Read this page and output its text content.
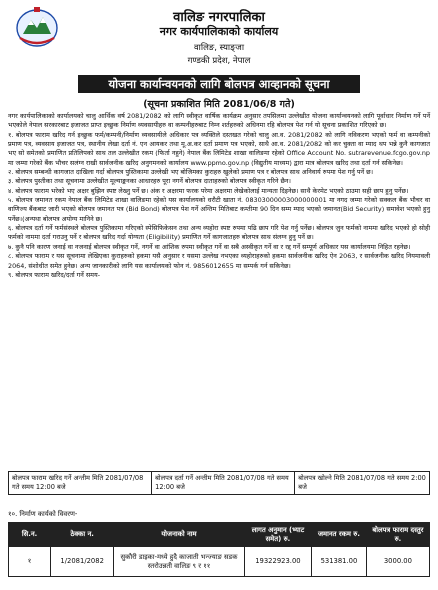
वालिङ नगरपालिका
नगर कार्यपालिकाको कार्यालय
वालिङ, स्याङ्जा
गण्डकी प्रदेश, नेपाल
योजना कार्यान्वयनको लागि बोलपत्र आव्हानको सूचना
(सूचना प्रकाशित मिति 2081/06/8 गते)

नगर कार्यपालिकाको कार्यालयको चालु आर्थिक वर्ष 2081/2082 को लागि स्वीकृत वार्षिक कार्यक्रम अनुसार तपसिलमा उल्लेखीत योजना कार्यान्वयनको लागि पूर्वाधार निर्माण गर्ने पर्ने भएकोले नेपाल सरकारबाट इजाजत प्राप्त इच्छुक निर्माण व्यवसायीहरु वा कम्पनीहरुबाट निम्न शर्तहरुको अधिनमा रहि बोलपत्र पेश गर्न यो सूचना प्रकाशित गरिएको छ।

१. बोलपत्र फाराम खरिद गर्न इच्छुक फर्म/कम्पनी/निर्माण व्यवसायीले अधिकार पत्र व्यक्तिले दस्तखत गरेको चालु आ.व. 2081/2082 को लागि नविकरण भएको फर्म वा कम्पनीको प्रमाण पत्र, व्यवसाय इजाजत पत्र, स्थानीय लेखा दर्ता नं. एन आयकर तथा मू.अ.कर दर्ता प्रमाण पत्र भएको, साथै आ.व. 2081/2082 को कर चुक्ता वा म्याद थप भन्ने कुनै कागजात भए सो समेतको प्रमाणित प्रतिलिपको साथ तल उल्लेखीत रकम (फिर्ता नहुने) नेपाल बैंक लिमिटेड शाखा वालिङमा रहेको Office Account No. sutrarevenue.fcgo.gov.np मा जम्मा गरेको बैंक भौचर सलंग्न राखी सार्वजनीक खरिद अनुगमनको कार्यालय www.ppmo.gov.np (विद्युतीय माध्यम) द्वारा मात्र बोलपत्र खरिद तथा दर्ता गर्न सकिनेछ।

२. बोलपत्र सम्बन्धी कागजात दाखिला गर्दा बोलपत्र पुस्तिकामा उल्लेखी भए बोजिमका कुराहरु खुलेको प्रमाण पत्र र बोलपत्र साथ अनिवार्य रुपमा पेश गर्नु पर्ने छ।

३. बोलपत्र पुस्तीका तथा सूचनामा उल्लेखीत मूल्याङ्कनका आधारहरु पूरा नगर्ने बोलपत्र दाताहरुको बोलपत्र स्वीकृत गरिने छैन।

४. बोलपत्र फाराम भरेको भए अक्षर बुझिन स्पष्ट लेख्नु पर्ने छ। अंक र अक्षरमा फरक परेमा अक्षरमा लेखेकोलाई मान्यता दिइनेछ। साथै केरमेट भएको ठाउमा सही छाप हुनु पर्नेछ।

५. बोलपत्र जमानत रकम नेपाल बैंक लिमिटेड शाखा वालिङमा रहेको यस कार्यालयको धरौटी खाता नं. 08303000003000000001 मा नगद जम्मा गरेको सक्कल बैंक भौचर वा वाणिज्य बैंकबाट जारी भएको बोलपत्र जमानत पत्र (Bid Bond) बोलपत्र पेश गर्ने अन्तिम मितिबाट कम्तीमा 90 दिन सम्म म्याद भएको जमानत(Bid Security) समावेश भएको हुनु पर्नेछ।(अन्यथा बोलपत्र अयोग्य मानिने छ।

६. बोलपत्र दर्ता गर्ने फर्मसंस्थले बोलपत्र पुस्तिकामा गरिएको स्पेसिफिकेसन तथा अन्य व्यहोरा स्पष्ट रुपमा पढि छाप गरि पेश गर्नु पर्नेछ। बोलपत्र जुन फर्मको नाममा खरिद भएको हो सोही फर्मको नाममा दर्ता गराउनु पर्ने र बोलपत्र खरिद गर्दा योग्यता (Eligibility) प्रमाणित गर्ने कागजातहरु बोलपत्र साथ संलग्न हुनु पर्ने छ।

७. कुनै पनि कारण जनाई वा नजनाई बोलपत्र स्वीकृत गर्ने, नगर्ने वा आंशिक रुपमा स्वीकृत गर्ने वा सबै अस्वीकृत गर्ने वा र रद्द गर्ने सम्पूर्ण अधिकार यस कार्यालयमा निहित रहनेछ।

८. बोलपत्र फाराम र यस सूचनामा लेखिएका कुराहरुको हकमा यसै अनुसार र यसमा उल्लेख नभएका व्यहोराहरुको हकमा सार्वजनीक खरिद ऐन 2063, र सार्वजनीक खरिद नियमावली 2064, संशोधीत समेत हुनेछ। अन्य जानकारीको लागि यस कार्यालयको फोन नं. 9856012655 मा सम्पर्क गर्न सकिनेछ।

९. बोलपत्र फाराम खरिद/दर्ता गर्ने समय-

बोलपत्र फाराम खरिद गर्ने अन्तीम मिति 2081/07/08 गते समय 12:00 बजे	बोलपत्र दर्ता गर्ने अन्तीम मिति 2081/07/08 गते समय 12:00 बजे	बोलपत्र खोल्ने मिति 2081/07/08 गते समय 2:00 बजे
१०. निर्माण कार्यको विवरण-
सि.न.	ठेक्का न.	योजनाको नाम	लागत अनुमान (भ्याट समेत) रु.	जमानत रकम रु.	बोलपत्र फाराम दस्तुर रु.
१	1/2081/2082	सुकौरी डाइका-मध्ये हुदै काजाती भन्ज्याङ सडक स्तरोउन्नती वालिङ ९ र ११	19322923.00	531381.00	3000.00
